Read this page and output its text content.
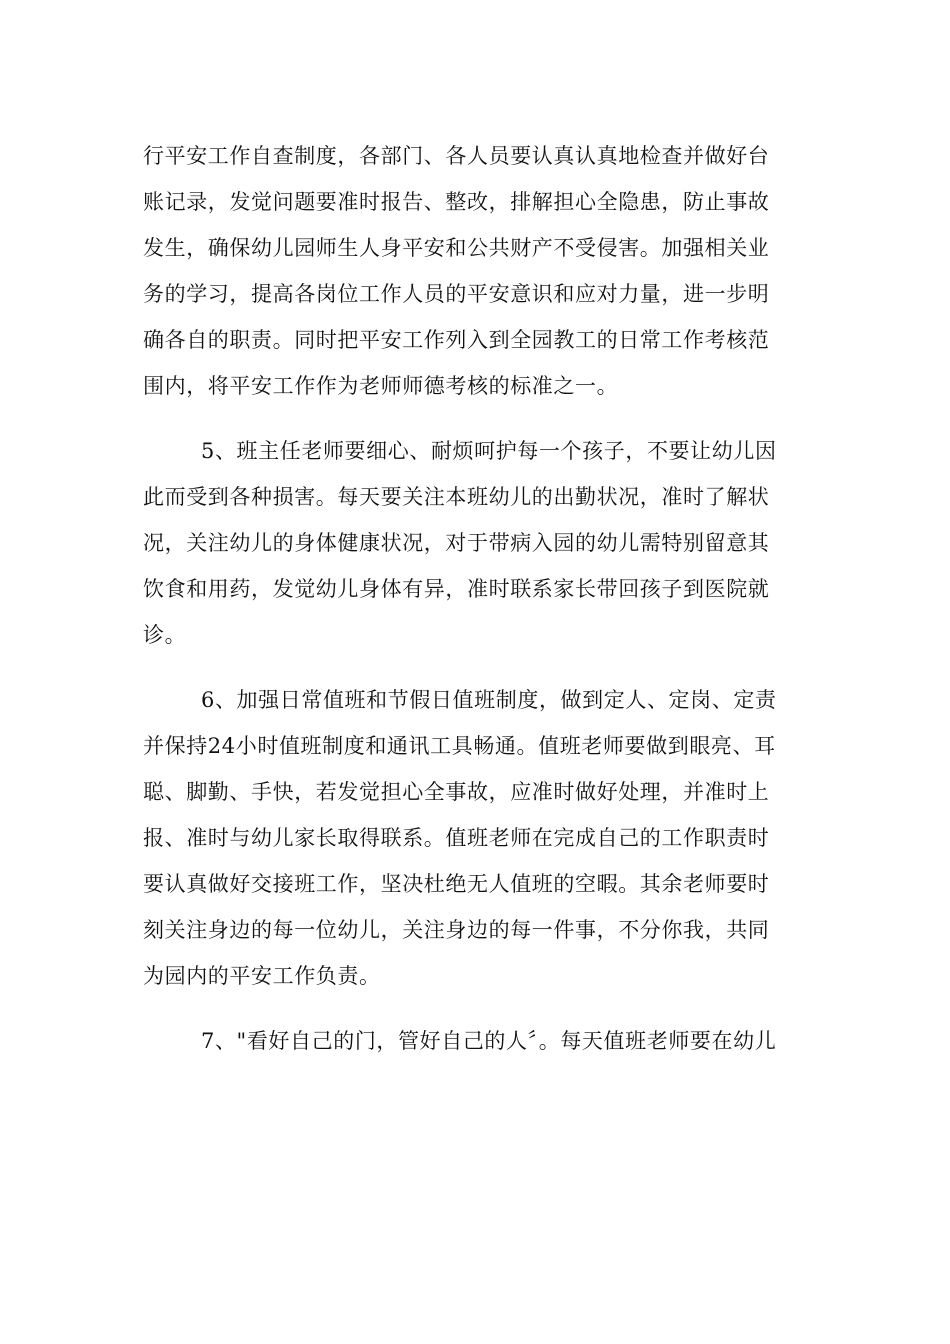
行平安工作自查制度，各部门、各人员要认真认真地检查并做好台
账记录，发觉问题要准时报告、整改，排解担心全隐患，防止事故
发生，确保幼儿园师生人身平安和公共财产不受侵害。加强相关业
务的学习，提高各岗位工作人员的平安意识和应对力量，进一步明
确各自的职责。同时把平安工作列入到全园教工的日常工作考核范
围内，将平安工作作为老师师德考核的标准之一。
5、班主任老师要细心、耐烦呵护每一个孩子，不要让幼儿因
此而受到各种损害。每天要关注本班幼儿的出勤状况，准时了解状
况，关注幼儿的身体健康状况，对于带病入园的幼儿需特别留意其
饮食和用药，发觉幼儿身体有异，准时联系家长带回孩子到医院就
诊。
6、加强日常值班和节假日值班制度，做到定人、定岗、定责
并保持24小时值班制度和通讯工具畅通。值班老师要做到眼亮、耳
聪、脚勤、手快，若发觉担心全事故，应准时做好处理，并准时上
报、准时与幼儿家长取得联系。值班老师在完成自己的工作职责时
要认真做好交接班工作，坚决杜绝无人值班的空暇。其余老师要时
刻关注身边的每一位幼儿，关注身边的每一件事，不分你我，共同
为园内的平安工作负责。
7、"看好自己的门，管好自己的人〞。每天值班老师要在幼儿
